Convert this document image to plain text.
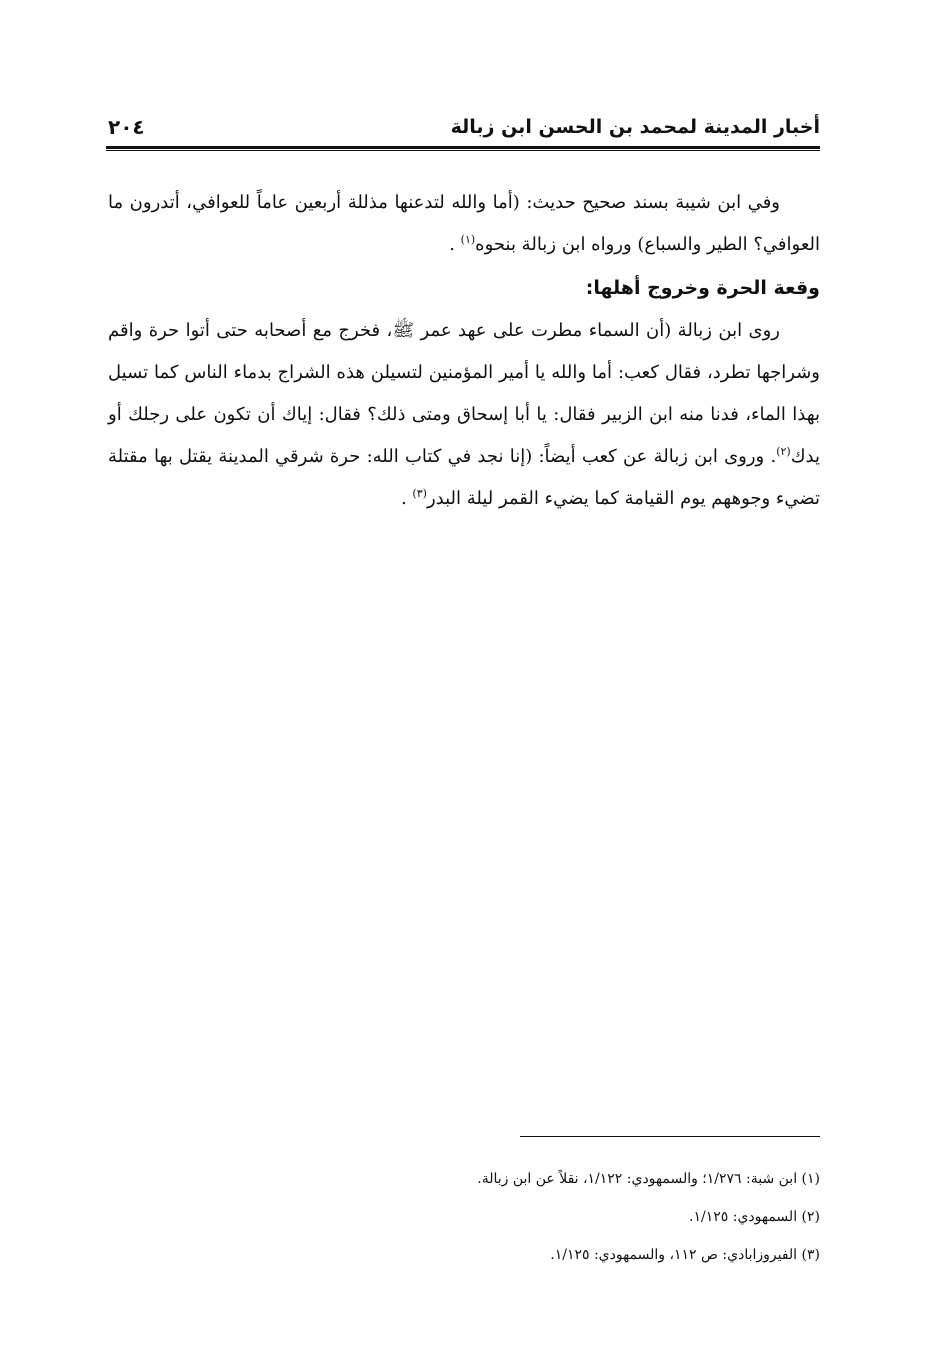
٢٠٤	أخبار المدينة لمحمد بن الحسن ابن زبالة

وفي ابن شيبة بسند صحيح حديث: (أما والله لتدعنها مذللة أربعين عاماً للعوافي، أتدرون ما العوافي؟ الطير والسباع) ورواه ابن زبالة بنحوه$^{(١)}$ .

وقعة الحرة وخروج أهلها:

روى ابن زبالة (أن السماء مطرت على عهد عمر ﷺ، فخرج مع أصحابه حتى أتوا حرة واقم وشراجها تطرد، فقال كعب: أما والله يا أمير المؤمنين لتسيلن هذه الشراج بدماء الناس كما تسيل بهذا الماء، فدنا منه ابن الزبير فقال: يا أبا إسحاق ومتى ذلك؟ فقال: إياك أن تكون على رجلك أو يدك$^{(٢)}$. وروى ابن زبالة عن كعب أيضاً: (إنا نجد في كتاب الله: حرة شرقي المدينة يقتل بها مقتلة تضيء وجوههم يوم القيامة كما يضيء القمر ليلة البدر$^{(٣)}$ .

(١) ابن شبة: ١/٢٧٦؛ والسمهودي: ١/١٢٢، نقلاً عن ابن زبالة.
(٢) السمهودي: ١/١٢٥.
(٣) الفيروزابادي: ص ١١٢، والسمهودي: ١/١٢٥.
